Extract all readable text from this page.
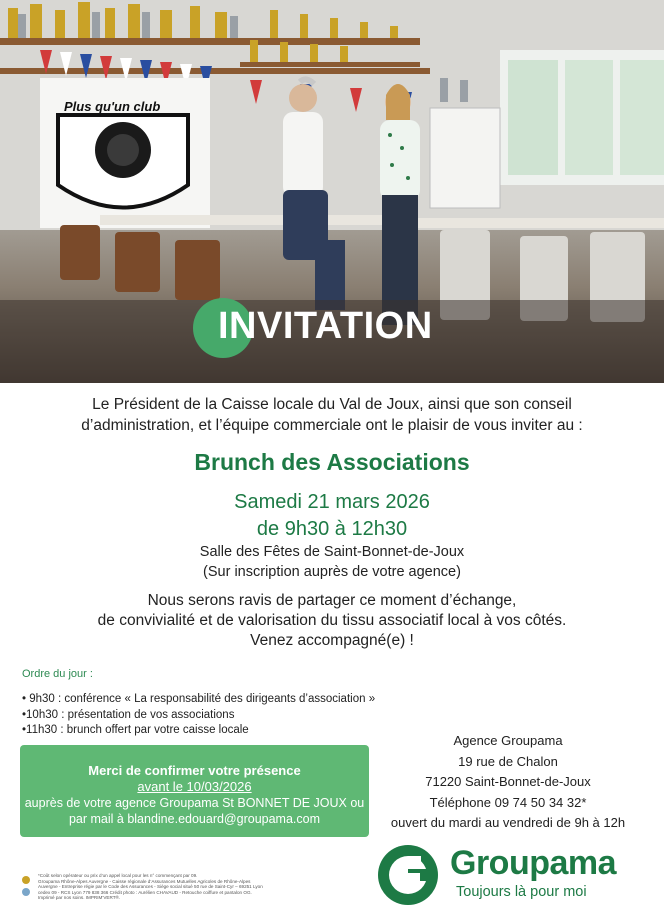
Plus qu'un club
INVITATION
Le Président de la Caisse locale du Val de Joux, ainsi que son conseil
d’administration, et l’équipe commerciale ont le plaisir de vous inviter au :
Brunch des Associations
Samedi 21 mars 2026
de 9h30 à 12h30
Salle des Fêtes de Saint-Bonnet-de-Joux
(Sur inscription auprès de votre agence)
Nous serons ravis de partager ce moment d’échange,
de convivialité et de valorisation du tissu associatif local à vos côtés.
Venez accompagné(e) !
Ordre du jour :
• 9h30 : conférence « La responsabilité des dirigeants d’association »
•10h30 : présentation de vos associations
•11h30 : brunch offert par votre caisse locale
Merci de confirmer votre présence
avant le 10/03/2026
auprès de votre agence Groupama St BONNET DE JOUX ou
par mail à blandine.edouard@groupama.com
Agence Groupama
19 rue de Chalon
71220 Saint-Bonnet-de-Joux
Téléphone 09 74 50 34 32*
ouvert du mardi au vendredi de 9h à 12h
*Coût selon opérateur ou prix d’un appel local pour les n° commençant par 09.
Groupama Rhône-Alpes Auvergne - Caisse régionale d’Assurances Mutuelles Agricoles de Rhône-Alpes
Auvergne - Entreprise régie par le Code des Assurances - Siège social situé 50 rue de Saint-Cyr – 69251 Lyon
cedex 09 - RCS Lyon 779 838 366 Crédit photo : Aurélien CHAVAUD - Retouche coiffure et pantalon OG.
Imprimé par nos soins. IMPRIM’VERT®.
Groupama
Toujours là pour moi
